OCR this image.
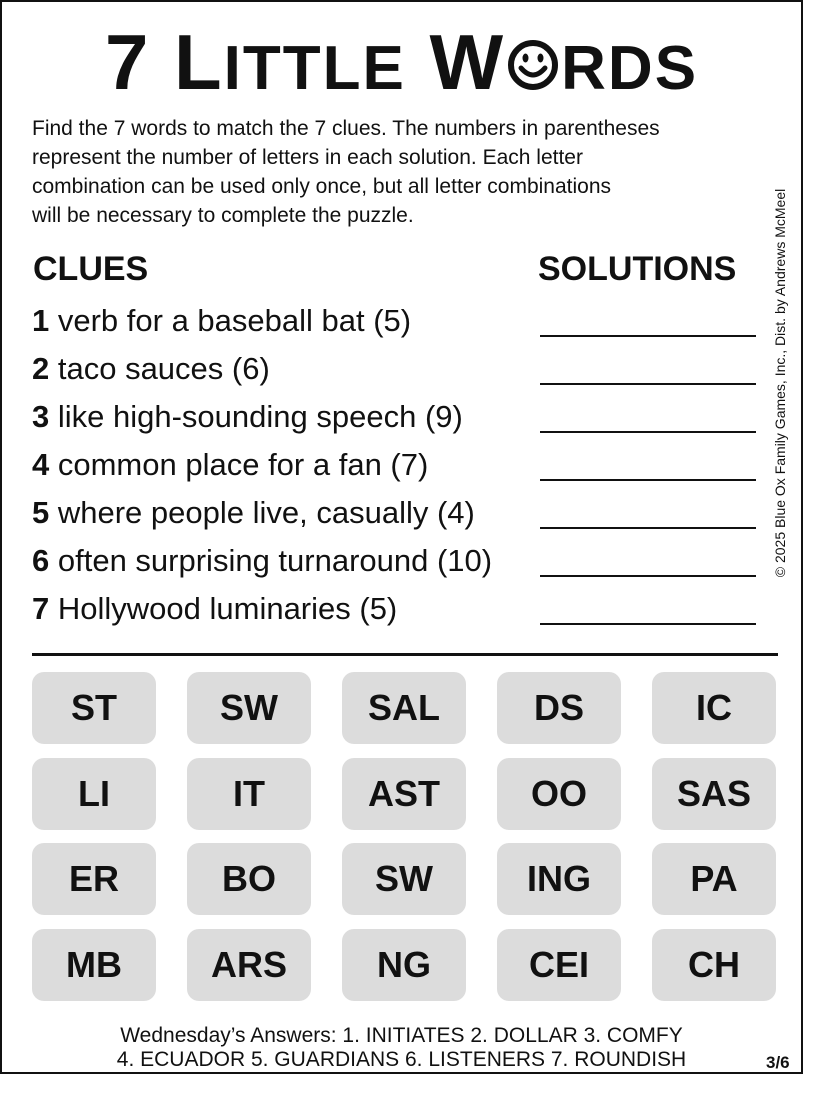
7 LITTLE W RDS
Find the 7 words to match the 7 clues. The numbers in parentheses
represent the number of letters in each solution. Each letter
combination can be used only once, but all letter combinations
will be necessary to complete the puzzle.	© 2025 Blue Ox Family Games, Inc., Dist. by Andrews McMeel
CLUES	SOLUTIONS
1 verb for a baseball bat (5)
2 taco sauces (6)
3 like high-sounding speech (9)
4 common place for a fan (7)
5 where people live, casually (4)
6 often surprising turnaround (10)
7 Hollywood luminaries (5)
ST	SW	SAL	DS	IC
LI	IT	AST	OO	SAS
ER	BO	SW	ING	PA
MB	ARS	NG	CEI	CH
Wednesday’s Answers: 1. INITIATES 2. DOLLAR 3. COMFY
4. ECUADOR 5. GUARDIANS 6. LISTENERS 7. ROUNDISH	3/6
